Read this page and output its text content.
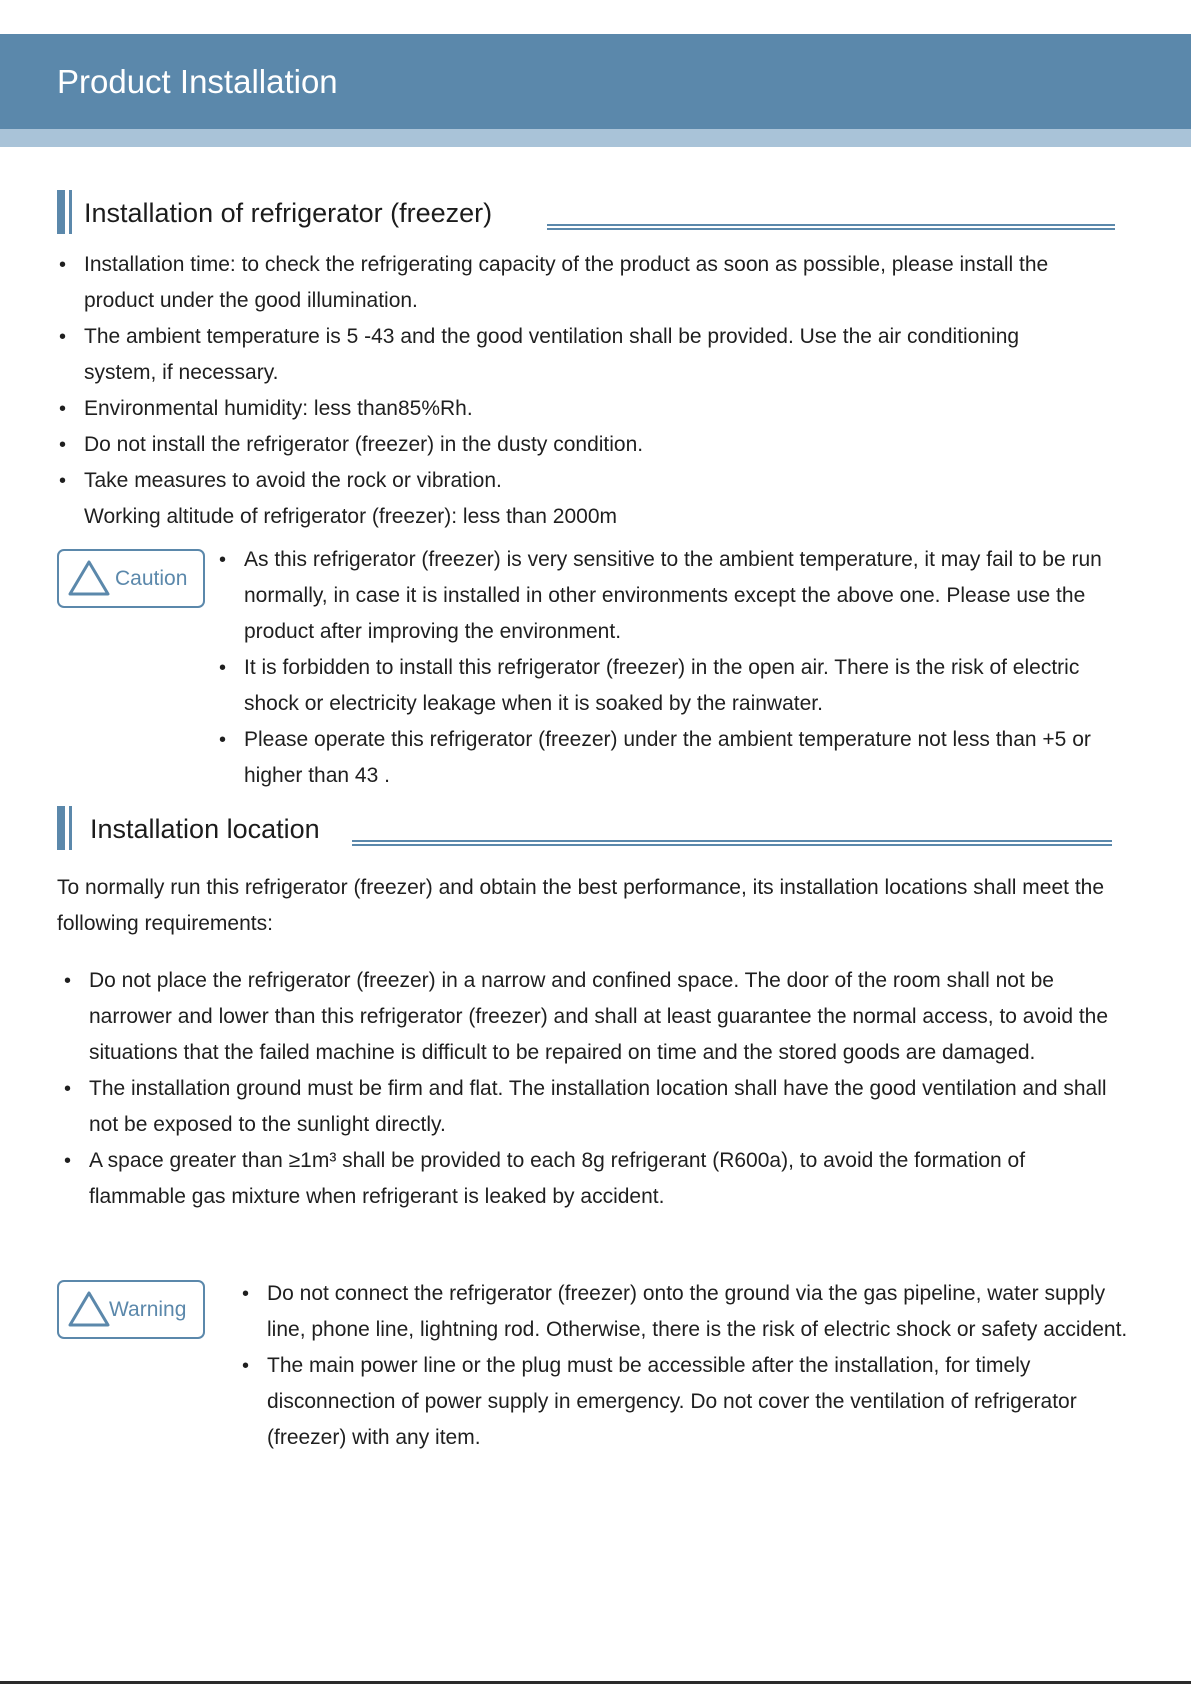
Product Installation
Installation of refrigerator (freezer)
• Installation time: to check the refrigerating capacity of the product as soon as possible, please install the product under the good illumination.
• The ambient temperature is 5 -43 and the good ventilation shall be provided. Use the air conditioning system, if necessary.
• Environmental humidity: less than85%Rh.
• Do not install the refrigerator (freezer) in the dusty condition.
• Take measures to avoid the rock or vibration.
Working altitude of refrigerator (freezer): less than 2000m
Caution
• As this refrigerator (freezer) is very sensitive to the ambient temperature, it may fail to be run normally, in case it is installed in other environments except the above one. Please use the product after improving the environment.
• It is forbidden to install this refrigerator (freezer) in the open air. There is the risk of electric shock or electricity leakage when it is soaked by the rainwater.
• Please operate this refrigerator (freezer) under the ambient temperature not less than +5 or higher than 43 .
Installation location
To normally run this refrigerator (freezer) and obtain the best performance, its installation locations shall meet the following requirements:
• Do not place the refrigerator (freezer) in a narrow and confined space. The door of the room shall not be narrower and lower than this refrigerator (freezer) and shall at least guarantee the normal access, to avoid the situations that the failed machine is difficult to be repaired on time and the stored goods are damaged.
• The installation ground must be firm and flat. The installation location shall have the good ventilation and shall not be exposed to the sunlight directly.
• A space greater than ≥1m³ shall be provided to each 8g refrigerant (R600a), to avoid the formation of flammable gas mixture when refrigerant is leaked by accident.
Warning
• Do not connect the refrigerator (freezer) onto the ground via the gas pipeline, water supply line, phone line, lightning rod. Otherwise, there is the risk of electric shock or safety accident.
• The main power line or the plug must be accessible after the installation, for timely disconnection of power supply in emergency. Do not cover the ventilation of refrigerator (freezer) with any item.
